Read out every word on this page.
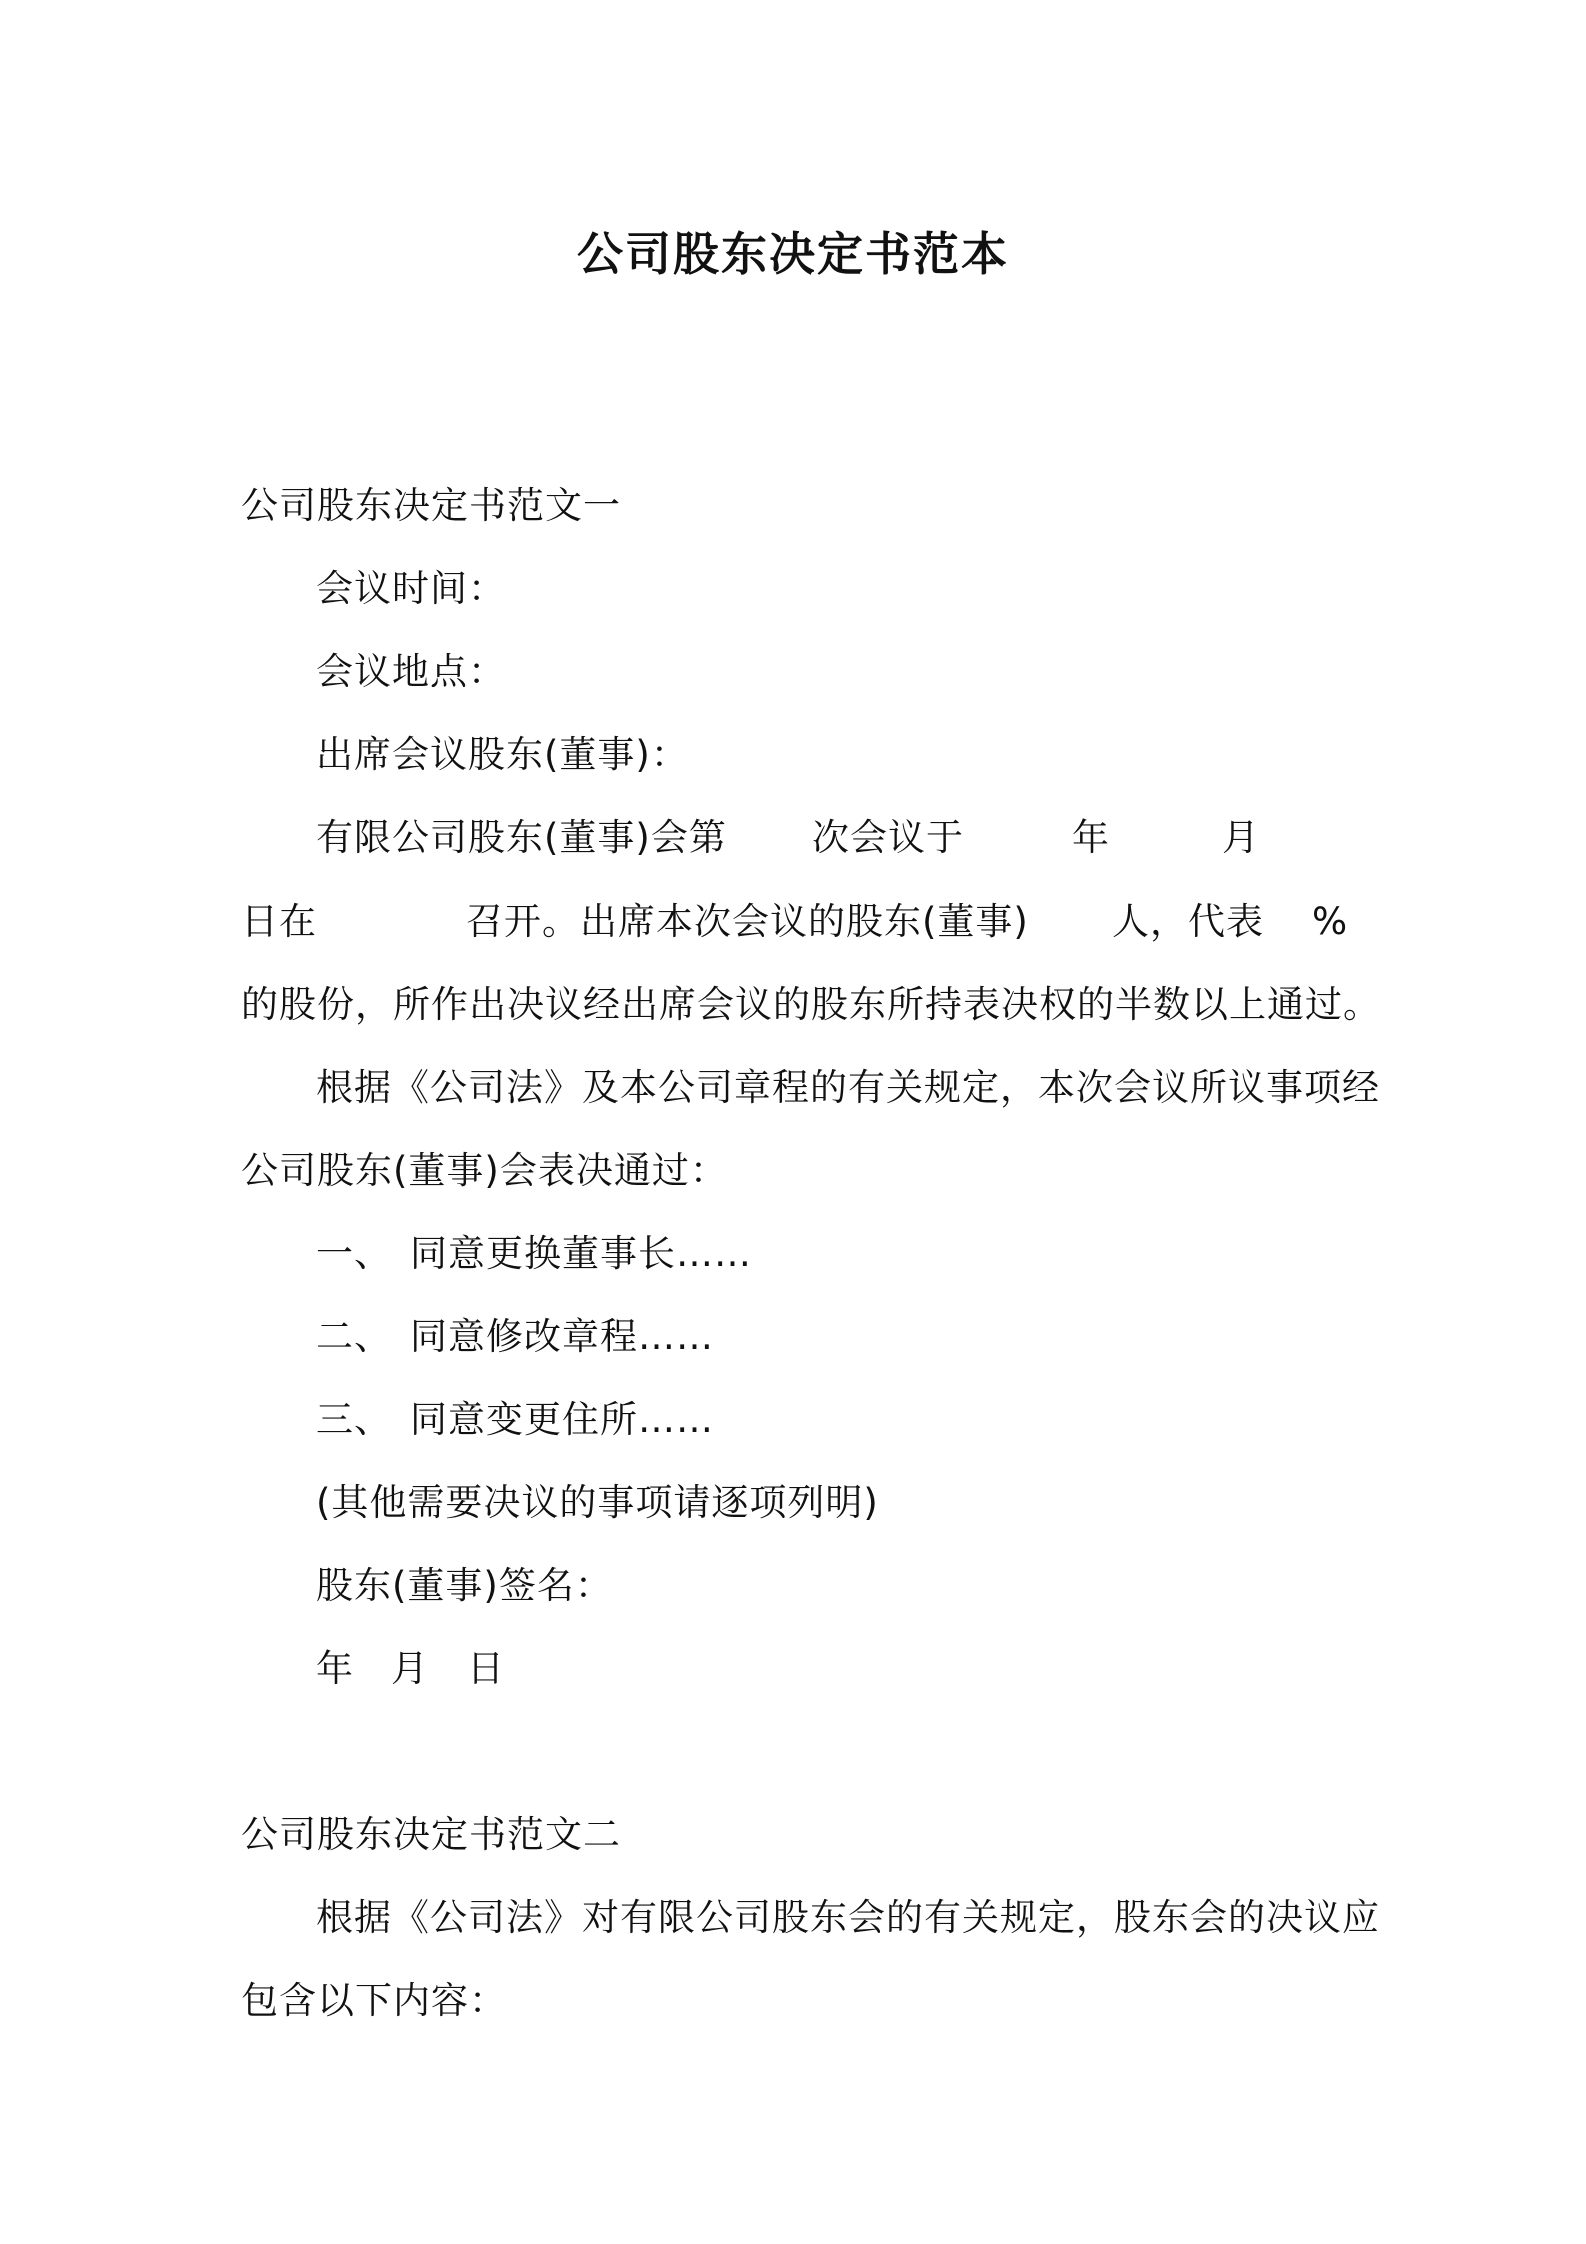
公司股东决定书范本
公司股东决定书范文一
会议时间：
会议地点：
出席会议股东(董事)：
有限公司股东(董事)会第 次会议于	年	月
日在	召开。出席本次会议的股东(董事) 人，代表 %
的股份，所作出决议经出席会议的股东所持表决权的半数以上通过。
根据《公司法》及本公司章程的有关规定，本次会议所议事项经
公司股东(董事)会表决通过：
一、 同意更换董事长……
二、 同意修改章程……
三、 同意变更住所……
(其他需要决议的事项请逐项列明)
股东(董事)签名：
年 月 日
公司股东决定书范文二
根据《公司法》对有限公司股东会的有关规定，股东会的决议应
包含以下内容：
